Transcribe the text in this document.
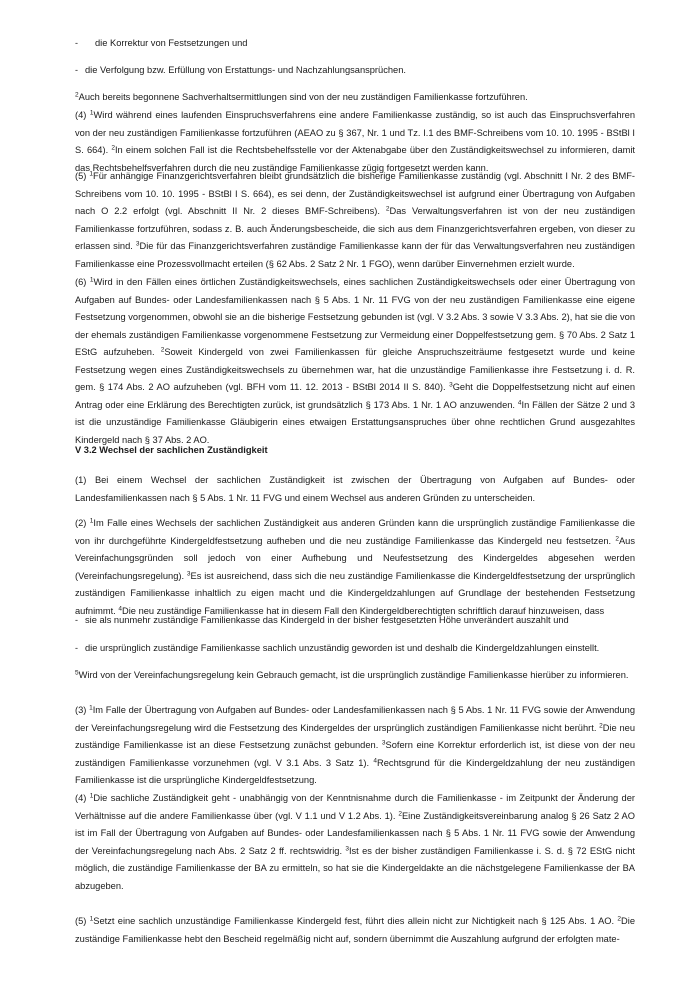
- die Korrektur von Festsetzungen und
- die Verfolgung bzw. Erfüllung von Erstattungs- und Nachzahlungsansprüchen.

$^2$Auch bereits begonnene Sachverhaltsermittlungen sind von der neu zuständigen Familienkasse fortzuführen.

(4) $^1$Wird während eines laufenden Einspruchsverfahrens eine andere Familienkasse zuständig, so ist auch das Einspruchsverfahren von der neu zuständigen Familienkasse fortzuführen (AEAO zu § 367, Nr. 1 und Tz. I.1 des BMF-Schreibens vom 10. 10. 1995 - BStBl I S. 664). $^2$In einem solchen Fall ist die Rechtsbehelfsstelle vor der Aktenabgabe über den Zuständigkeitswechsel zu informieren, damit das Rechtsbehelfsverfahren durch die neu zuständige Familienkasse zügig fortgesetzt werden kann.

(5) $^1$Für anhängige Finanzgerichtsverfahren bleibt grundsätzlich die bisherige Familienkasse zuständig (vgl. Abschnitt I Nr. 2 des BMF-Schreibens vom 10. 10. 1995 - BStBl I S. 664), es sei denn, der Zuständigkeitswechsel ist aufgrund einer Übertragung von Aufgaben nach O 2.2 erfolgt (vgl. Abschnitt II Nr. 2 dieses BMF-Schreibens). $^2$Das Verwaltungsverfahren ist von der neu zuständigen Familienkasse fortzuführen, sodass z. B. auch Änderungsbescheide, die sich aus dem Finanzgerichtsverfahren ergeben, von dieser zu erlassen sind. $^3$Die für das Finanzgerichtsverfahren zuständige Familienkasse kann der für das Verwaltungsverfahren neu zuständigen Familienkasse eine Prozessvollmacht erteilen (§ 62 Abs. 2 Satz 2 Nr. 1 FGO), wenn darüber Einvernehmen erzielt wurde.

(6) $^1$Wird in den Fällen eines örtlichen Zuständigkeitswechsels, eines sachlichen Zuständigkeitswechsels oder einer Übertragung von Aufgaben auf Bundes- oder Landesfamilienkassen nach § 5 Abs. 1 Nr. 11 FVG von der neu zuständigen Familienkasse eine eigene Festsetzung vorgenommen, obwohl sie an die bisherige Festsetzung gebunden ist (vgl. V 3.2 Abs. 3 sowie V 3.3 Abs. 2), hat sie die von der ehemals zuständigen Familienkasse vorgenommene Festsetzung zur Vermeidung einer Doppelfestsetzung gem. § 70 Abs. 2 Satz 1 EStG aufzuheben. $^2$Soweit Kindergeld von zwei Familienkassen für gleiche Anspruchszeiträume festgesetzt wurde und keine Festsetzung wegen eines Zuständigkeitswechsels zu übernehmen war, hat die unzuständige Familienkasse ihre Festsetzung i. d. R. gem. § 174 Abs. 2 AO aufzuheben (vgl. BFH vom 11. 12. 2013 - BStBl 2014 II S. 840). $^3$Geht die Doppelfestsetzung nicht auf einen Antrag oder eine Erklärung des Berechtigten zurück, ist grundsätzlich § 173 Abs. 1 Nr. 1 AO anzuwenden. $^4$In Fällen der Sätze 2 und 3 ist die unzuständige Familienkasse Gläubigerin eines etwaigen Erstattungsanspruches über ohne rechtlichen Grund ausgezahltes Kindergeld nach § 37 Abs. 2 AO.

V 3.2 Wechsel der sachlichen Zuständigkeit

(1) Bei einem Wechsel der sachlichen Zuständigkeit ist zwischen der Übertragung von Aufgaben auf Bundes- oder Landesfamilienkassen nach § 5 Abs. 1 Nr. 11 FVG und einem Wechsel aus anderen Gründen zu unterscheiden.

(2) $^1$Im Falle eines Wechsels der sachlichen Zuständigkeit aus anderen Gründen kann die ursprünglich zuständige Familienkasse die von ihr durchgeführte Kindergeldfestsetzung aufheben und die neu zuständige Familienkasse das Kindergeld neu festsetzen. $^2$Aus Vereinfachungsgründen soll jedoch von einer Aufhebung und Neufestsetzung des Kindergeldes abgesehen werden (Vereinfachungsregelung). $^3$Es ist ausreichend, dass sich die neu zuständige Familienkasse die Kindergeldfestsetzung der ursprünglich zuständigen Familienkasse inhaltlich zu eigen macht und die Kindergeldzahlungen auf Grundlage der bestehenden Festsetzung aufnimmt. $^4$Die neu zuständige Familienkasse hat in diesem Fall den Kindergeldberechtigten schriftlich darauf hinzuweisen, dass

- sie als nunmehr zuständige Familienkasse das Kindergeld in der bisher festgesetzten Höhe unverändert auszahlt und
- die ursprünglich zuständige Familienkasse sachlich unzuständig geworden ist und deshalb die Kindergeldzahlungen einstellt.

$^5$Wird von der Vereinfachungsregelung kein Gebrauch gemacht, ist die ursprünglich zuständige Familienkasse hierüber zu informieren.

(3) $^1$Im Falle der Übertragung von Aufgaben auf Bundes- oder Landesfamilienkassen nach § 5 Abs. 1 Nr. 11 FVG sowie der Anwendung der Vereinfachungsregelung wird die Festsetzung des Kindergeldes der ursprünglich zuständigen Familienkasse nicht berührt. $^2$Die neu zuständige Familienkasse ist an diese Festsetzung zunächst gebunden. $^3$Sofern eine Korrektur erforderlich ist, ist diese von der neu zuständigen Familienkasse vorzunehmen (vgl. V 3.1 Abs. 3 Satz 1). $^4$Rechtsgrund für die Kindergeldzahlung der neu zuständigen Familienkasse ist die ursprüngliche Kindergeldfestsetzung.

(4) $^1$Die sachliche Zuständigkeit geht - unabhängig von der Kenntnisnahme durch die Familienkasse - im Zeitpunkt der Änderung der Verhältnisse auf die andere Familienkasse über (vgl. V 1.1 und V 1.2 Abs. 1). $^2$Eine Zuständigkeitsvereinbarung analog § 26 Satz 2 AO ist im Fall der Übertragung von Aufgaben auf Bundes- oder Landesfamilienkassen nach § 5 Abs. 1 Nr. 11 FVG sowie der Anwendung der Vereinfachungsregelung nach Abs. 2 Satz 2 ff. rechtswidrig. $^3$Ist es der bisher zuständigen Familienkasse i. S. d. § 72 EStG nicht möglich, die zuständige Familienkasse der BA zu ermitteln, so hat sie die Kindergeldakte an die nächstgelegene Familienkasse der BA abzugeben.

(5) $^1$Setzt eine sachlich unzuständige Familienkasse Kindergeld fest, führt dies allein nicht zur Nichtigkeit nach § 125 Abs. 1 AO. $^2$Die zuständige Familienkasse hebt den Bescheid regelmäßig nicht auf, sondern übernimmt die Auszahlung aufgrund der erfolgten mate-
